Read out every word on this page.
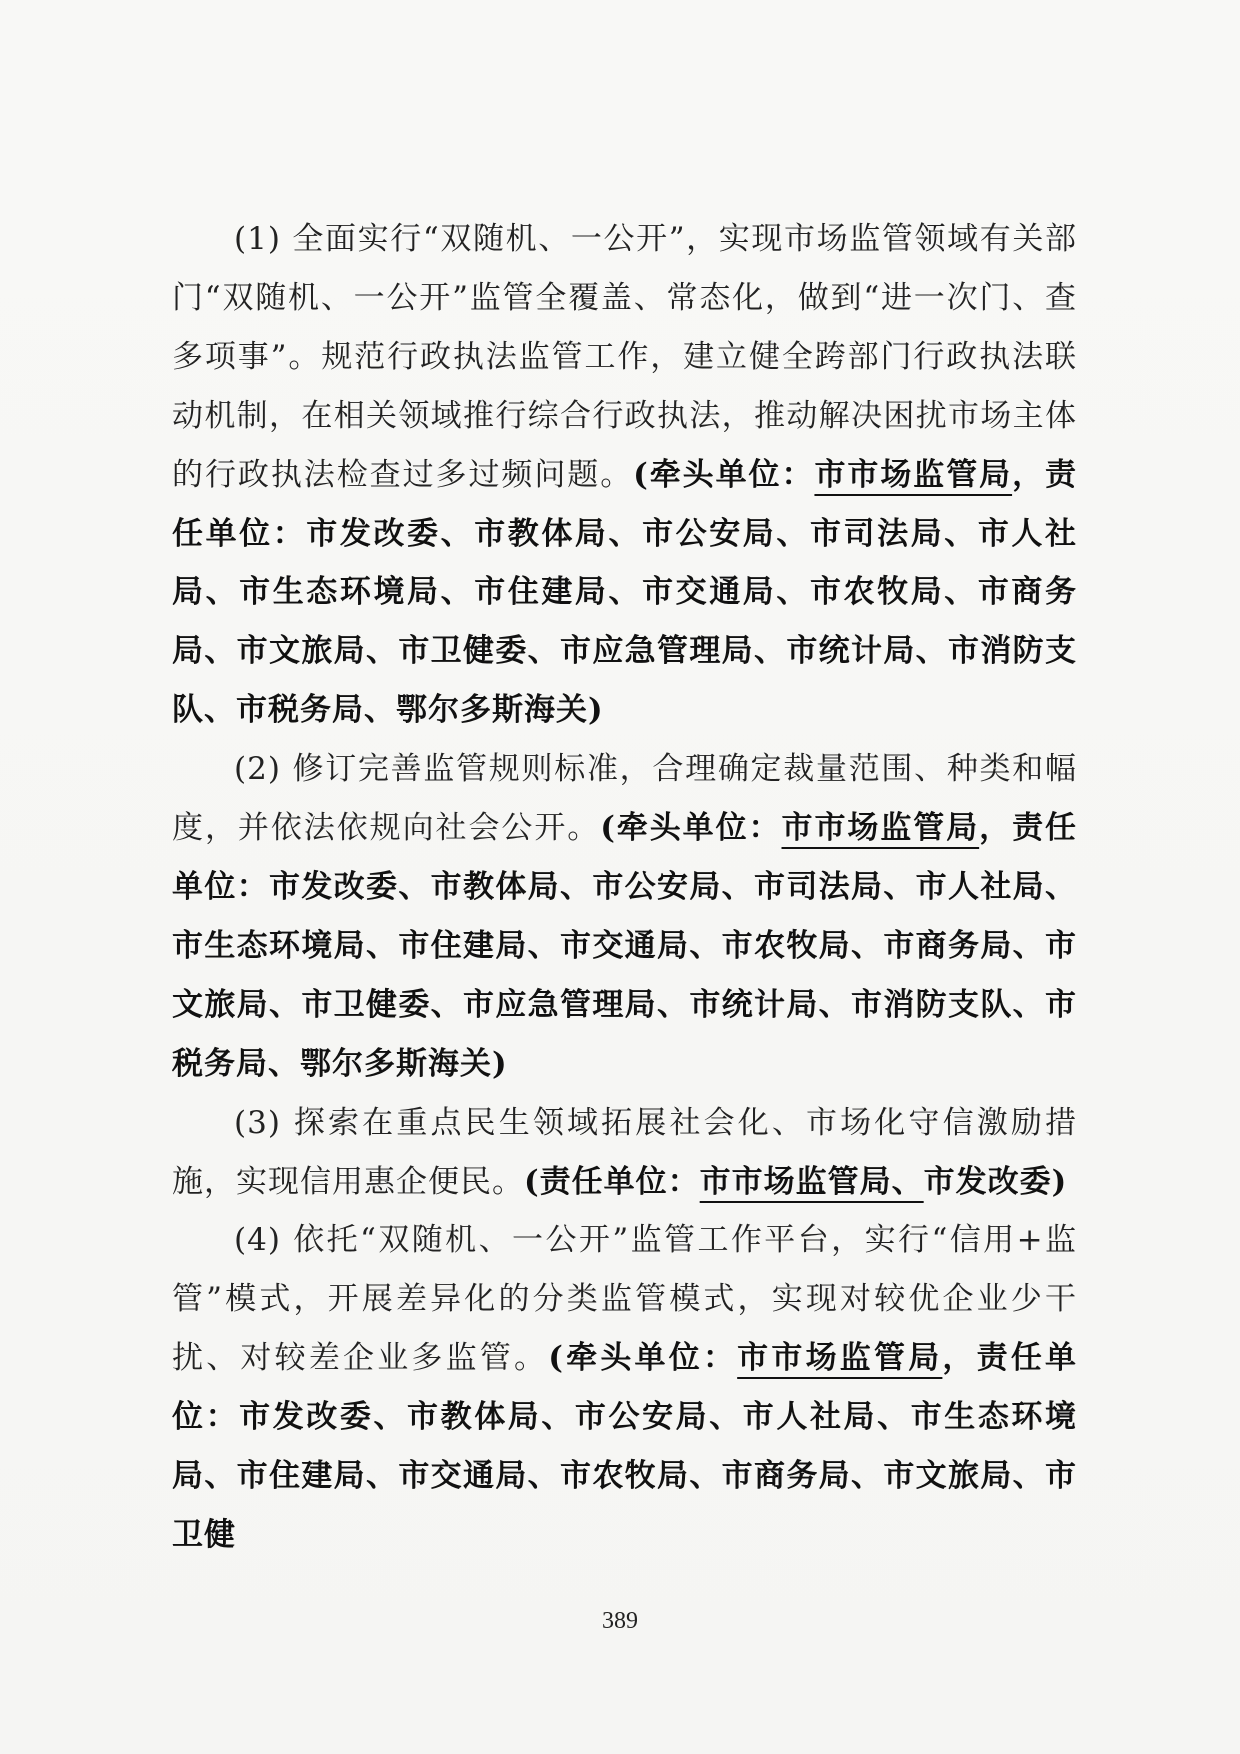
(1) 全面实行“双随机、一公开”，实现市场监管领域有关部门“双随机、一公开”监管全覆盖、常态化，做到“进一次门、查多项事”。规范行政执法监管工作，建立健全跨部门行政执法联动机制，在相关领域推行综合行政执法，推动解决困扰市场主体的行政执法检查过多过频问题。(牵头单位：市市场监管局，责任单位：市发改委、市教体局、市公安局、市司法局、市人社局、市生态环境局、市住建局、市交通局、市农牧局、市商务局、市文旅局、市卫健委、市应急管理局、市统计局、市消防支队、市税务局、鄂尔多斯海关)

(2) 修订完善监管规则标准，合理确定裁量范围、种类和幅度，并依法依规向社会公开。(牵头单位：市市场监管局，责任单位：市发改委、市教体局、市公安局、市司法局、市人社局、市生态环境局、市住建局、市交通局、市农牧局、市商务局、市文旅局、市卫健委、市应急管理局、市统计局、市消防支队、市税务局、鄂尔多斯海关)

(3) 探索在重点民生领域拓展社会化、市场化守信激励措施，实现信用惠企便民。(责任单位：市市场监管局、市发改委)

(4) 依托“双随机、一公开”监管工作平台，实行“信用+监管”模式，开展差异化的分类监管模式，实现对较优企业少干扰、对较差企业多监管。(牵头单位：市市场监管局，责任单位：市发改委、市教体局、市公安局、市人社局、市生态环境局、市住建局、市交通局、市农牧局、市商务局、市文旅局、市卫健

389
